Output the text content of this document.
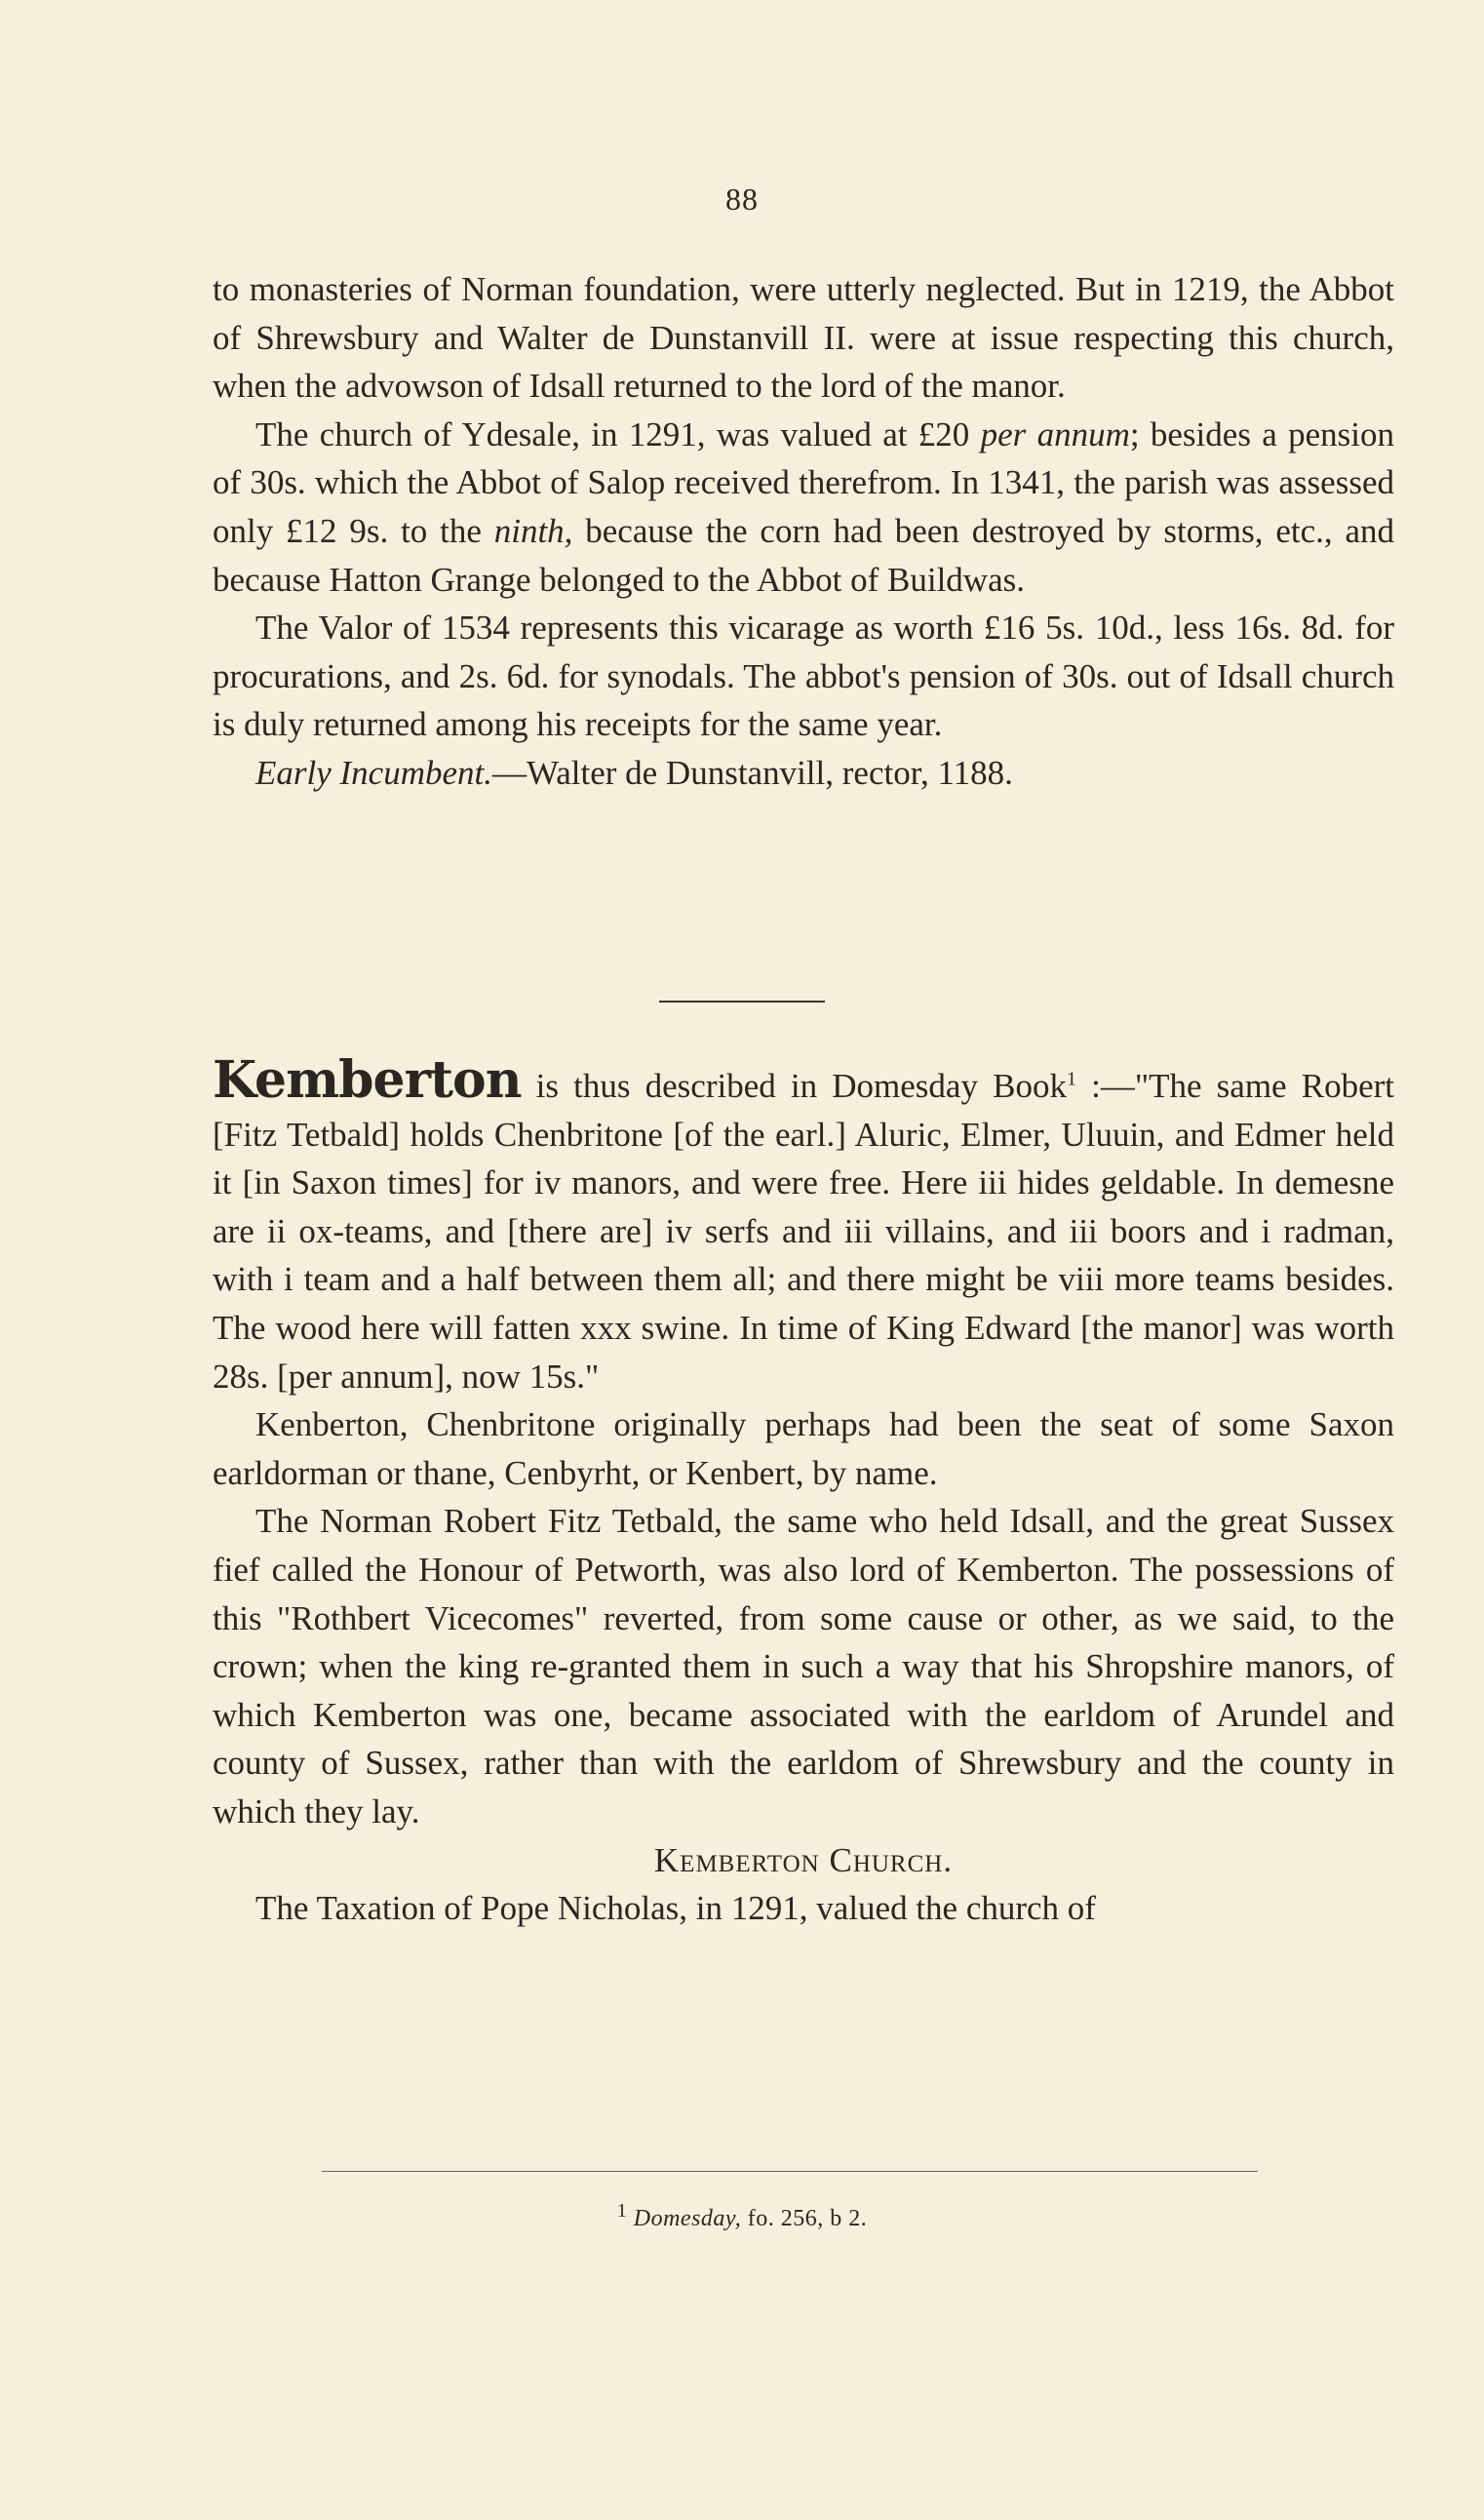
88

to monasteries of Norman foundation, were utterly neglected. But in 1219, the Abbot of Shrewsbury and Walter de Dunstanvill II. were at issue respecting this church, when the advowson of Idsall returned to the lord of the manor.

The church of Ydesale, in 1291, was valued at £20 per annum; besides a pension of 30s. which the Abbot of Salop received therefrom. In 1341, the parish was assessed only £12 9s. to the ninth, because the corn had been destroyed by storms, etc., and because Hatton Grange belonged to the Abbot of Buildwas.

The Valor of 1534 represents this vicarage as worth £16 5s. 10d., less 16s. 8d. for procurations, and 2s. 6d. for synodals. The abbot's pension of 30s. out of Idsall church is duly returned among his receipts for the same year.

Early Incumbent.—Walter de Dunstanvill, rector, 1188.

Kemberton is thus described in Domesday Book$^1$ :—"The same Robert [Fitz Tetbald] holds Chenbritone [of the earl.] Aluric, Elmer, Uluuin, and Edmer held it [in Saxon times] for iv manors, and were free. Here iii hides geldable. In demesne are ii ox-teams, and [there are] iv serfs and iii villains, and iii boors and i radman, with i team and a half between them all; and there might be viii more teams besides. The wood here will fatten xxx swine. In time of King Edward [the manor] was worth 28s. [per annum], now 15s."

Kenberton, Chenbritone originally perhaps had been the seat of some Saxon earldorman or thane, Cenbyrht, or Kenbert, by name.

The Norman Robert Fitz Tetbald, the same who held Idsall, and the great Sussex fief called the Honour of Petworth, was also lord of Kemberton. The possessions of this "Rothbert Vicecomes" reverted, from some cause or other, as we said, to the crown; when the king re-granted them in such a way that his Shropshire manors, of which Kemberton was one, became associated with the earldom of Arundel and county of Sussex, rather than with the earldom of Shrewsbury and the county in which they lay.

Kemberton Church.

The Taxation of Pope Nicholas, in 1291, valued the church of

$^1$ Domesday, fo. 256, b 2.
